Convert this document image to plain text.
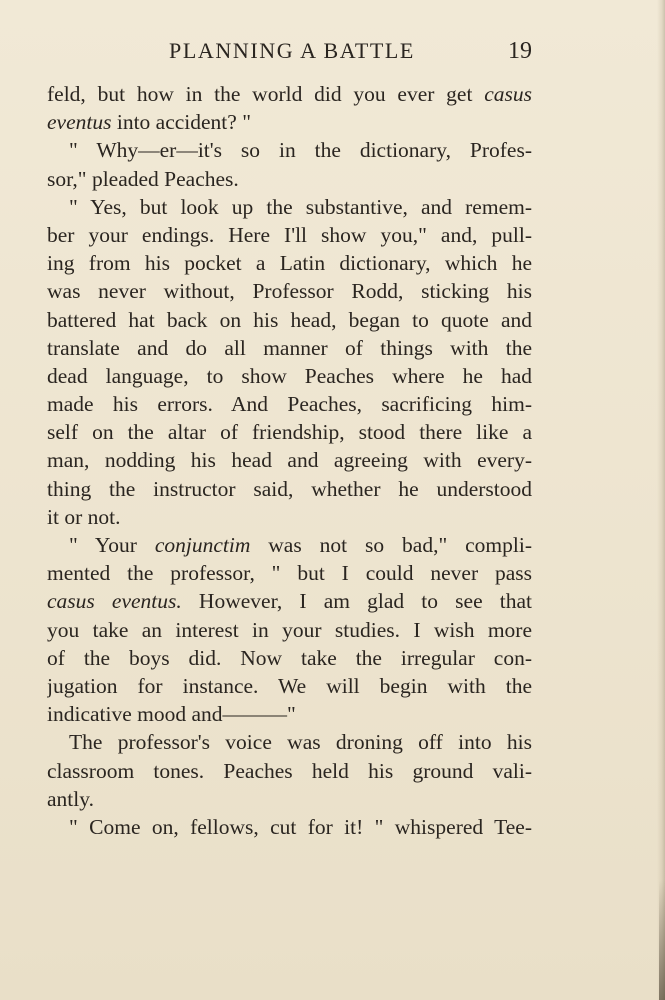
PLANNING A BATTLE	19
feld, but how in the world did you ever get casus
eventus into accident? "
" Why—er—it's so in the dictionary, Profes-
sor," pleaded Peaches.
" Yes, but look up the substantive, and remem-
ber your endings. Here I'll show you," and, pull-
ing from his pocket a Latin dictionary, which he
was never without, Professor Rodd, sticking his
battered hat back on his head, began to quote and
translate and do all manner of things with the
dead language, to show Peaches where he had
made his errors. And Peaches, sacrificing him-
self on the altar of friendship, stood there like a
man, nodding his head and agreeing with every-
thing the instructor said, whether he understood
it or not.
" Your conjunctim was not so bad," compli-
mented the professor, " but I could never pass
casus eventus. However, I am glad to see that
you take an interest in your studies. I wish more
of the boys did. Now take the irregular con-
jugation for instance. We will begin with the
indicative mood and———"
The professor's voice was droning off into his
classroom tones. Peaches held his ground vali-
antly.
" Come on, fellows, cut for it! " whispered Tee-
